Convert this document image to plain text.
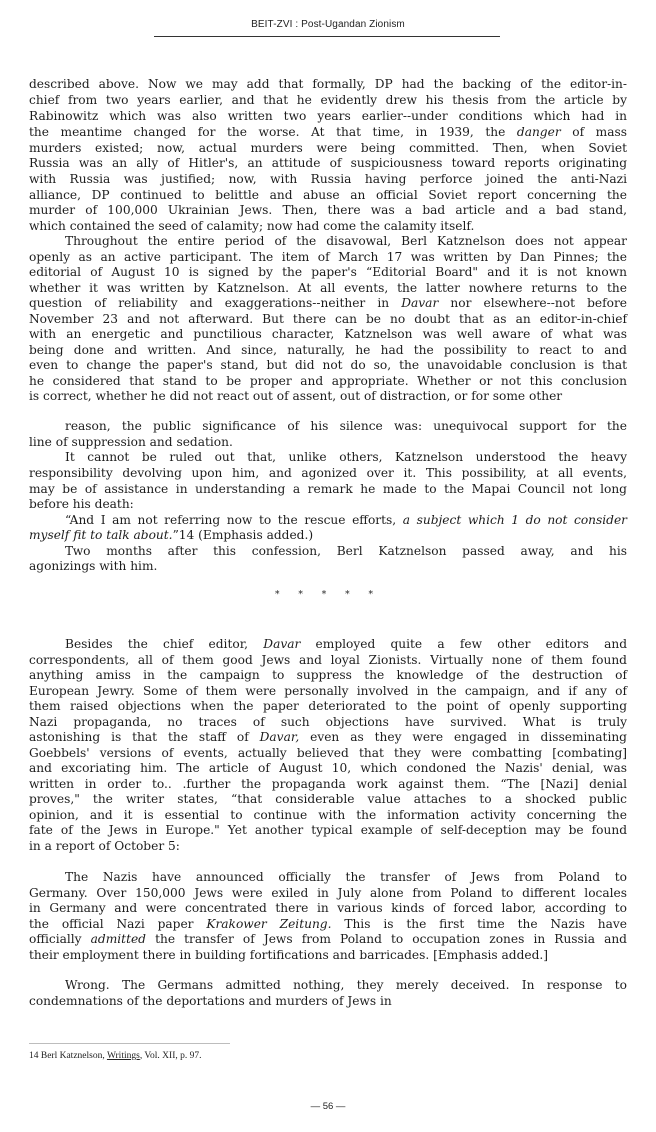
BEIT-ZVI : Post-Ugandan Zionism
described above. Now we may add that formally, DP had the backing of the editor-in-
chief from two years earlier, and that he evidently drew his thesis from the article by
Rabinowitz which was also written two years earlier--under conditions which had in
the meantime changed for the worse. At that time, in 1939, the danger of mass
murders existed; now, actual murders were being committed. Then, when Soviet
Russia was an ally of Hitler's, an attitude of suspiciousness toward reports originating
with Russia was justified; now, with Russia having perforce joined the anti-Nazi
alliance, DP continued to belittle and abuse an official Soviet report concerning the
murder of 100,000 Ukrainian Jews. Then, there was a bad article and a bad stand,
which contained the seed of calamity; now had come the calamity itself.
Throughout the entire period of the disavowal, Berl Katznelson does not appear
openly as an active participant. The item of March 17 was written by Dan Pinnes; the
editorial of August 10 is signed by the paper's “Editorial Board" and it is not known
whether it was written by Katznelson. At all events, the latter nowhere returns to the
question of reliability and exaggerations--neither in Davar nor elsewhere--not before
November 23 and not afterward. But there can be no doubt that as an editor-in-chief
with an energetic and punctilious character, Katznelson was well aware of what was
being done and written. And since, naturally, he had the possibility to react to and
even to change the paper's stand, but did not do so, the unavoidable conclusion is that
he considered that stand to be proper and appropriate. Whether or not this conclusion
is correct, whether he did not react out of assent, out of distraction, or for some other
reason, the public significance of his silence was: unequivocal support for the
line of suppression and sedation.
It cannot be ruled out that, unlike others, Katznelson understood the heavy
responsibility devolving upon him, and agonized over it. This possibility, at all events,
may be of assistance in understanding a remark he made to the Mapai Council not long
before his death:
“And I am not referring now to the rescue efforts, a subject which 1 do not consider
myself fit to talk about.”14 (Emphasis added.)
Two months after this confession, Berl Katznelson passed away, and his
agonizings with him.
Besides the chief editor, Davar employed quite a few other editors and
correspondents, all of them good Jews and loyal Zionists. Virtually none of them found
anything amiss in the campaign to suppress the knowledge of the destruction of
European Jewry. Some of them were personally involved in the campaign, and if any of
them raised objections when the paper deteriorated to the point of openly supporting
Nazi propaganda, no traces of such objections have survived. What is truly
astonishing is that the staff of Davar, even as they were engaged in disseminating
Goebbels' versions of events, actually believed that they were combatting [combating]
and excoriating him. The article of August 10, which condoned the Nazis' denial, was
written in order to.. .further the propaganda work against them. “The [Nazi] denial
proves," the writer states, “that considerable value attaches to a shocked public
opinion, and it is essential to continue with the information activity concerning the
fate of the Jews in Europe." Yet another typical example of self-deception may be found
in a report of October 5:
The Nazis have announced officially the transfer of Jews from Poland to
Germany. Over 150,000 Jews were exiled in July alone from Poland to different locales
in Germany and were concentrated there in various kinds of forced labor, according to
the official Nazi paper Krakower Zeitung. This is the first time the Nazis have
officially admitted the transfer of Jews from Poland to occupation zones in Russia and
their employment there in building fortifications and barricades. [Emphasis added.]
Wrong. The Germans admitted nothing, they merely deceived. In response to
condemnations of the deportations and murders of Jews in
* * * * *
14 Berl Katznelson, Writings, Vol. XII, p. 97.
— 56 —
